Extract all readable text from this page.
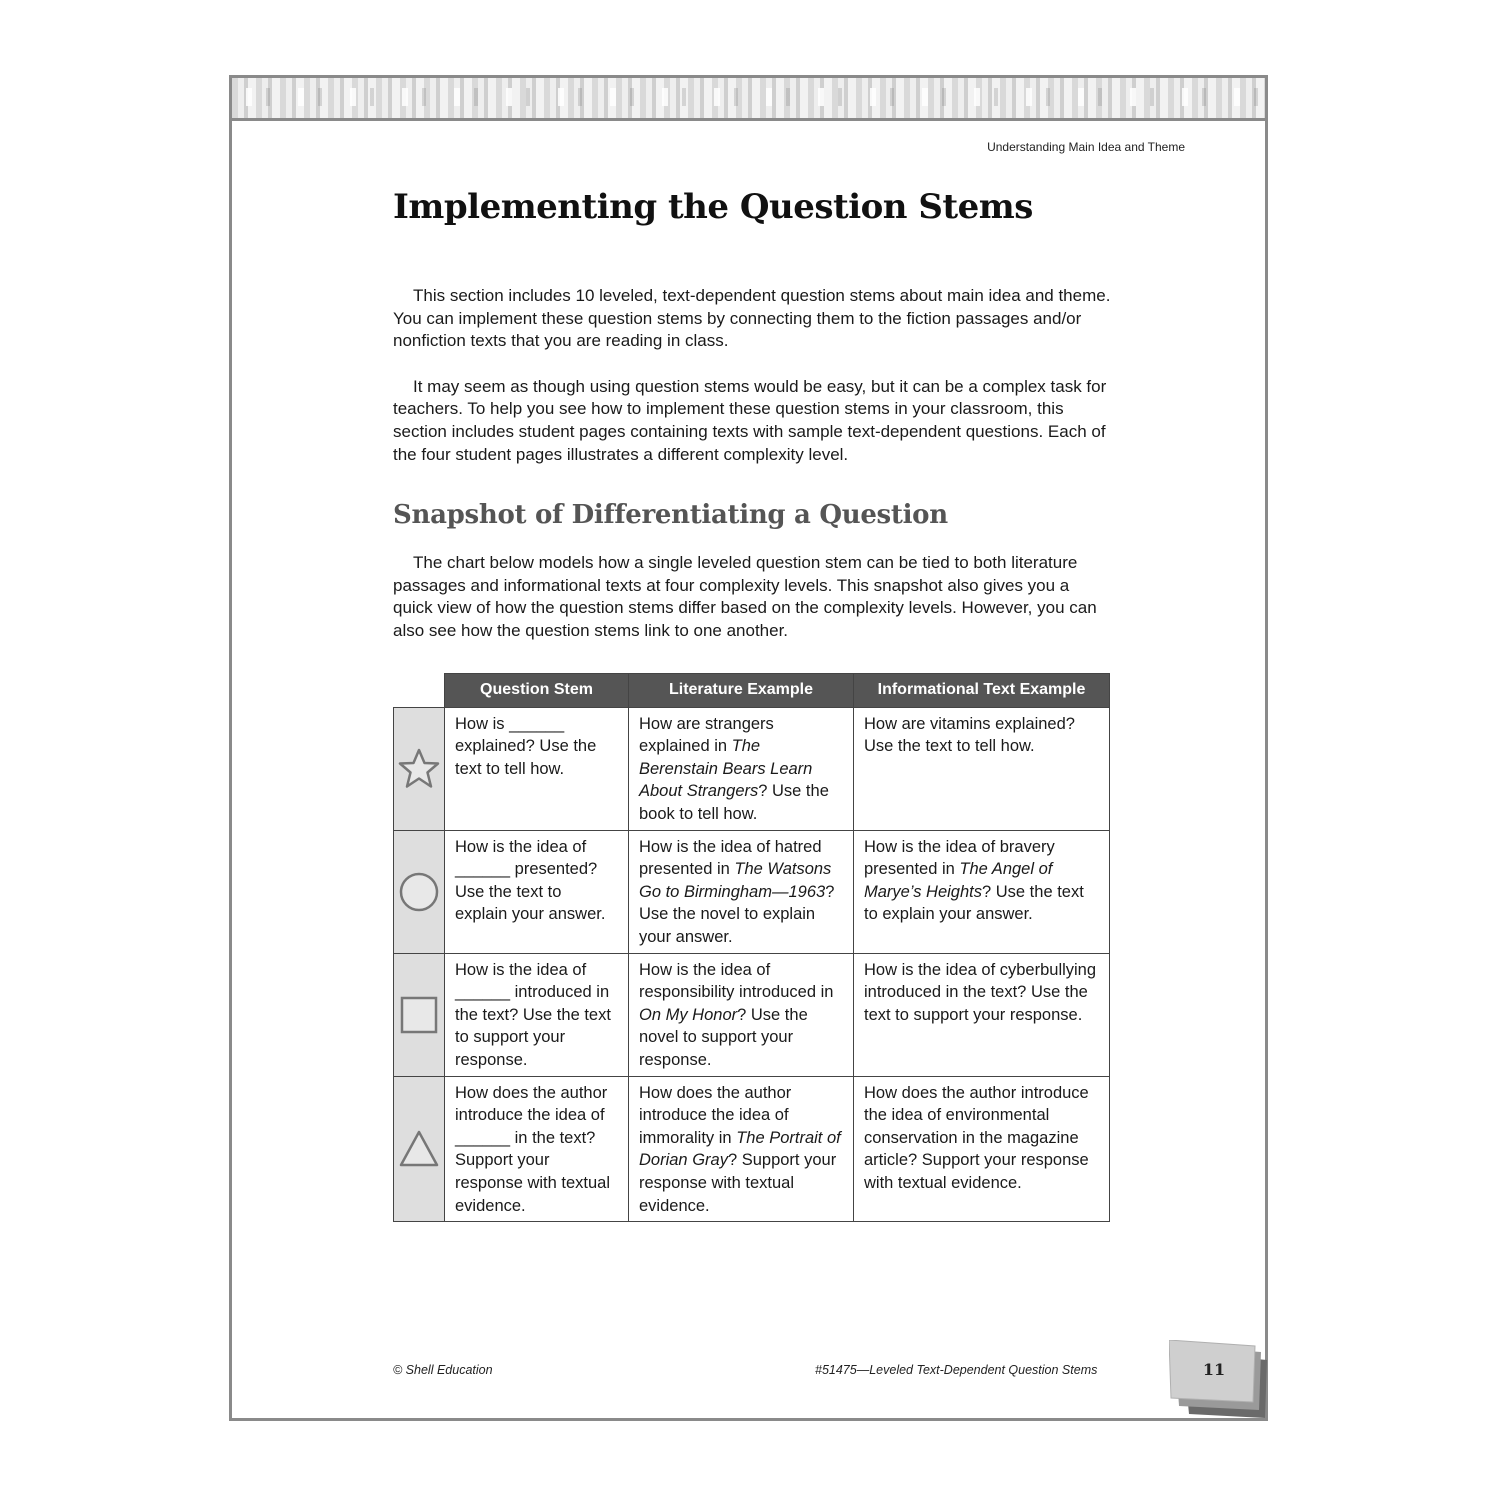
Understanding Main Idea and Theme
Implementing the Question Stems

This section includes 10 leveled, text-dependent question stems about main idea and theme. You can implement these question stems by connecting them to the fiction passages and/or nonfiction texts that you are reading in class.

It may seem as though using question stems would be easy, but it can be a complex task for teachers. To help you see how to implement these question stems in your classroom, this section includes student pages containing texts with sample text-dependent questions. Each of the four student pages illustrates a different complexity level.

Snapshot of Differentiating a Question

The chart below models how a single leveled question stem can be tied to both literature passages and informational texts at four complexity levels. This snapshot also gives you a quick view of how the question stems differ based on the complexity levels. However, you can also see how the question stems link to one another.

	Question Stem	Literature Example	Informational Text Example

	How is ______ explained? Use the text to tell how.	How are strangers explained in The Berenstain Bears Learn About Strangers? Use the book to tell how.	How are vitamins explained? Use the text to tell how.

	How is the idea of ______ presented? Use the text to explain your answer.	How is the idea of hatred presented in The Watsons Go to Birmingham—1963? Use the novel to explain your answer.	How is the idea of bravery presented in The Angel of Marye’s Heights? Use the text to explain your answer.

	How is the idea of ______ introduced in the text? Use the text to support your response.	How is the idea of responsibility introduced in On My Honor? Use the novel to support your response.	How is the idea of cyberbullying introduced in the text? Use the text to support your response.

	How does the author introduce the idea of ______ in the text? Support your response with textual evidence.	How does the author introduce the idea of immorality in The Portrait of Dorian Gray? Support your response with textual evidence.	How does the author introduce the idea of environmental conservation in the magazine article? Support your response with textual evidence.
© Shell Education	#51475—Leveled Text-Dependent Question Stems	11
